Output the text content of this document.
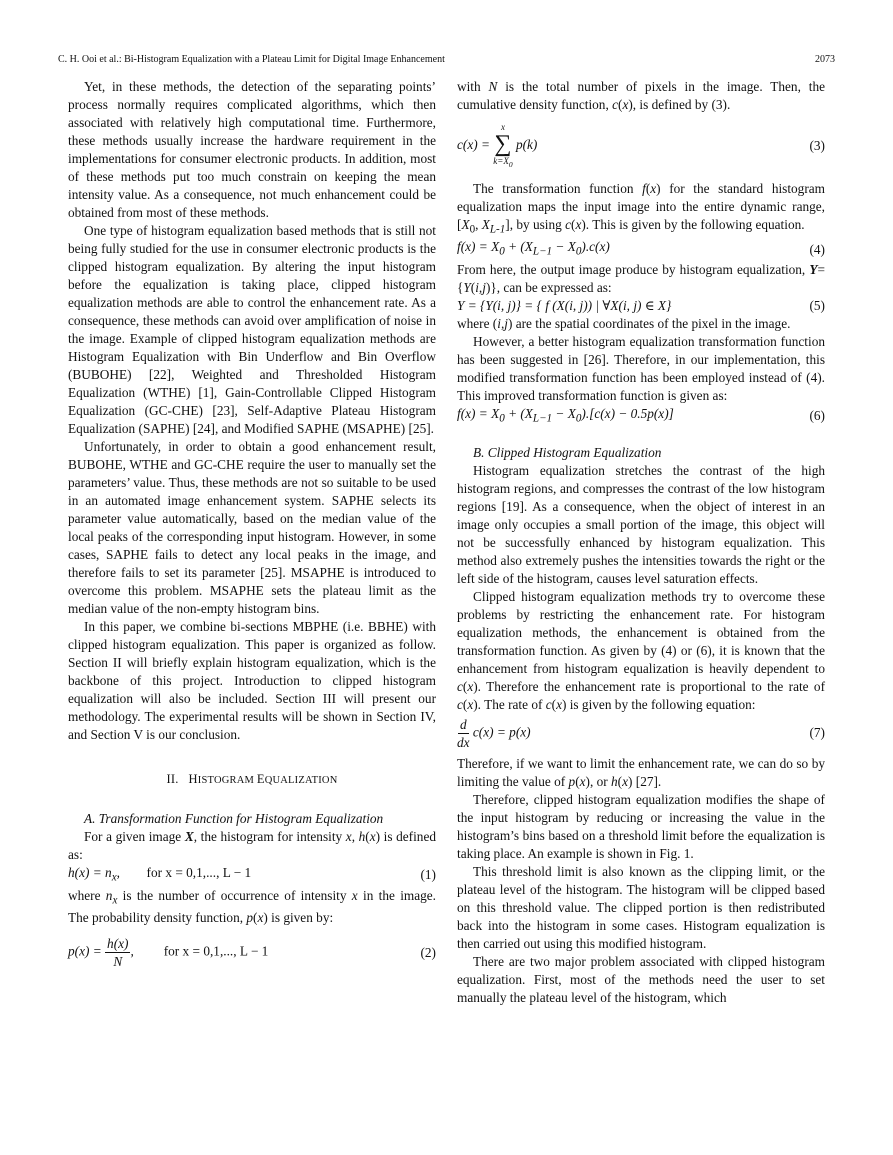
C. H. Ooi et al.: Bi-Histogram Equalization with a Plateau Limit for Digital Image Enhancement	2073

Yet, in these methods, the detection of the separating points’ process normally requires complicated algorithms, which then associated with relatively high computational time. Furthermore, these methods usually increase the hardware requirement in the implementations for consumer electronic products. In addition, most of these methods put too much constrain on keeping the mean intensity value. As a consequence, not much enhancement could be obtained from most of these methods.

One type of histogram equalization based methods that is still not being fully studied for the use in consumer electronic products is the clipped histogram equalization. By altering the input histogram before the equalization is taking place, clipped histogram equalization methods are able to control the enhancement rate. As a consequence, these methods can avoid over amplification of noise in the image. Example of clipped histogram equalization methods are Histogram Equalization with Bin Underflow and Bin Overflow (BUBOHE) [22], Weighted and Thresholded Histogram Equalization (WTHE) [1], Gain-Controllable Clipped Histogram Equalization (GC-CHE) [23], Self-Adaptive Plateau Histogram Equalization (SAPHE) [24], and Modified SAPHE (MSAPHE) [25].

Unfortunately, in order to obtain a good enhancement result, BUBOHE, WTHE and GC-CHE require the user to manually set the parameters’ value. Thus, these methods are not so suitable to be used in an automated image enhancement system. SAPHE selects its parameter value automatically, based on the median value of the local peaks of the corresponding input histogram. However, in some cases, SAPHE fails to detect any local peaks in the image, and therefore fails to set its parameter [25]. MSAPHE is introduced to overcome this problem. MSAPHE sets the plateau limit as the median value of the non-empty histogram bins.

In this paper, we combine bi-sections MBPHE (i.e. BBHE) with clipped histogram equalization. This paper is organized as follow. Section II will briefly explain histogram equalization, which is the backbone of this project. Introduction to clipped histogram equalization will also be included. Section III will present our methodology. The experimental results will be shown in Section IV, and Section V is our conclusion.

II. HISTOGRAM EQUALIZATION

A. Transformation Function for Histogram Equalization

For a given image X, the histogram for intensity x, h(x) is defined as:

$h(x) = n_x$,        for x = 0,1,..., L − 1	(1)

where $n_x$ is the number of occurrence of intensity x in the image. The probability density function, p(x) is given by:

$p(x) = \frac{h(x)}{N}$ ,         for x = 0,1,..., L − 1	(2)

with N is the total number of pixels in the image. Then, the cumulative density function, c(x), is defined by (3).

c(x) =
x
∑
$k=X_0$
p(k)	(3)

The transformation function f(x) for the standard histogram equalization maps the input image into the entire dynamic range, [$X_0$, $X_{L-1}$], by using c(x). This is given by the following equation.

$f(x) = X_0 + (X_{L-1} - X_0).c(x)$	(4)

From here, the output image produce by histogram equalization, Y={Y(i,j)}, can be expressed as:

Y = {Y(i, j)} = { f (X(i, j)) | ∀X(i, j) ∈ X}	(5)

where (i,j) are the spatial coordinates of the pixel in the image.

However, a better histogram equalization transformation function has been suggested in [26]. Therefore, in our implementation, this modified transformation function has been employed instead of (4). This improved transformation function is given as:

$f(x) = X_0 + (X_{L-1} - X_0).[c(x) - 0.5p(x)]$	(6)

B. Clipped Histogram Equalization

Histogram equalization stretches the contrast of the high histogram regions, and compresses the contrast of the low histogram regions [19]. As a consequence, when the object of interest in an image only occupies a small portion of the image, this object will not be successfully enhanced by histogram equalization. This method also extremely pushes the intensities towards the right or the left side of the histogram, causes level saturation effects.

Clipped histogram equalization methods try to overcome these problems by restricting the enhancement rate. For histogram equalization methods, the enhancement is obtained from the transformation function. As given by (4) or (6), it is known that the enhancement from histogram equalization is heavily dependent to c(x). Therefore the enhancement rate is proportional to the rate of c(x). The rate of c(x) is given by the following equation:

$\frac{d}{dx} c(x) = p(x)$	(7)

Therefore, if we want to limit the enhancement rate, we can do so by limiting the value of p(x), or h(x) [27].

Therefore, clipped histogram equalization modifies the shape of the input histogram by reducing or increasing the value in the histogram’s bins based on a threshold limit before the equalization is taking place. An example is shown in Fig. 1.

This threshold limit is also known as the clipping limit, or the plateau level of the histogram. The histogram will be clipped based on this threshold value. The clipped portion is then redistributed back into the histogram in some cases. Histogram equalization is then carried out using this modified histogram.

There are two major problem associated with clipped histogram equalization. First, most of the methods need the user to set manually the plateau level of the histogram, which
